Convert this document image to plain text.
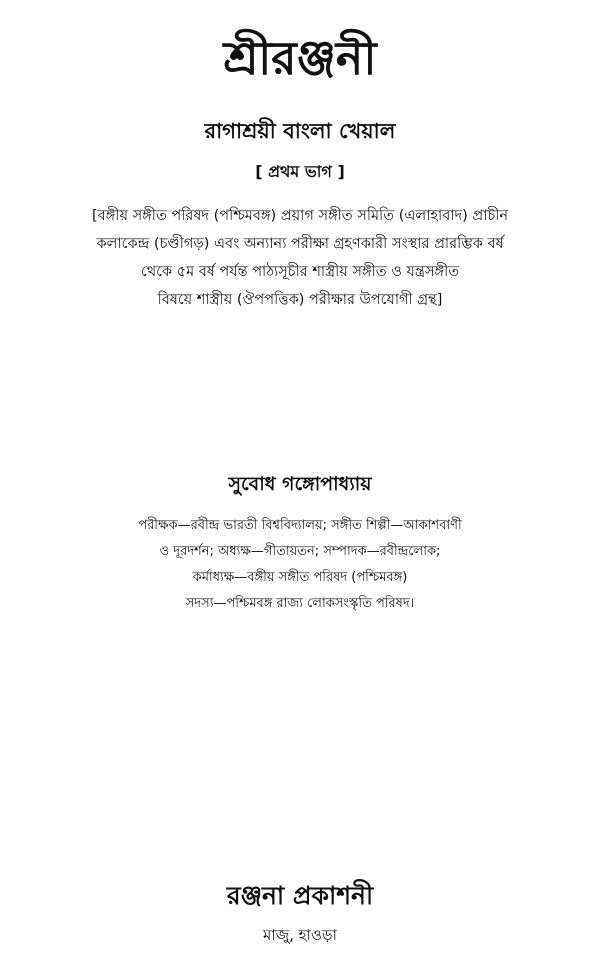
শ্রীরঞ্জনী
রাগাশ্রয়ী বাংলা খেয়াল
[ প্রথম ভাগ ]
[বঙ্গীয় সঙ্গীত পরিষদ (পশ্চিমবঙ্গ) প্রয়াগ সঙ্গীত সমিতি (এলাহাবাদ) প্রাচীন
কলাকেন্দ্র (চণ্ডীগড়) এবং অন্যান্য পরীক্ষা গ্রহণকারী সংস্থার প্রারম্ভিক বর্ষ
থেকে ৫ম বর্ষ পর্যন্ত পাঠ্যসূচীর শাস্ত্রীয় সঙ্গীত ও যন্ত্রসঙ্গীত
বিষয়ে শাস্ত্রীয় (ঔপপত্তিক) পরীক্ষার উপযোগী গ্রন্থ]
সুবোধ গঙ্গোপাধ্যায়
পরীক্ষক—রবীন্দ্র ভারতী বিশ্ববিদ্যালয়; সঙ্গীত শিল্পী—আকাশবাণী
ও দূরদর্শন; অধ্যক্ষ—গীতায়তন; সম্পাদক—রবীন্দ্রলোক;
কর্মাধ্যক্ষ—বঙ্গীয় সঙ্গীত পরিষদ (পশ্চিমবঙ্গ)
সদস্য—পশ্চিমবঙ্গ রাজ্য লোকসংস্কৃতি পরিষদ।
রঞ্জনা প্রকাশনী
মাজু, হাওড়া
